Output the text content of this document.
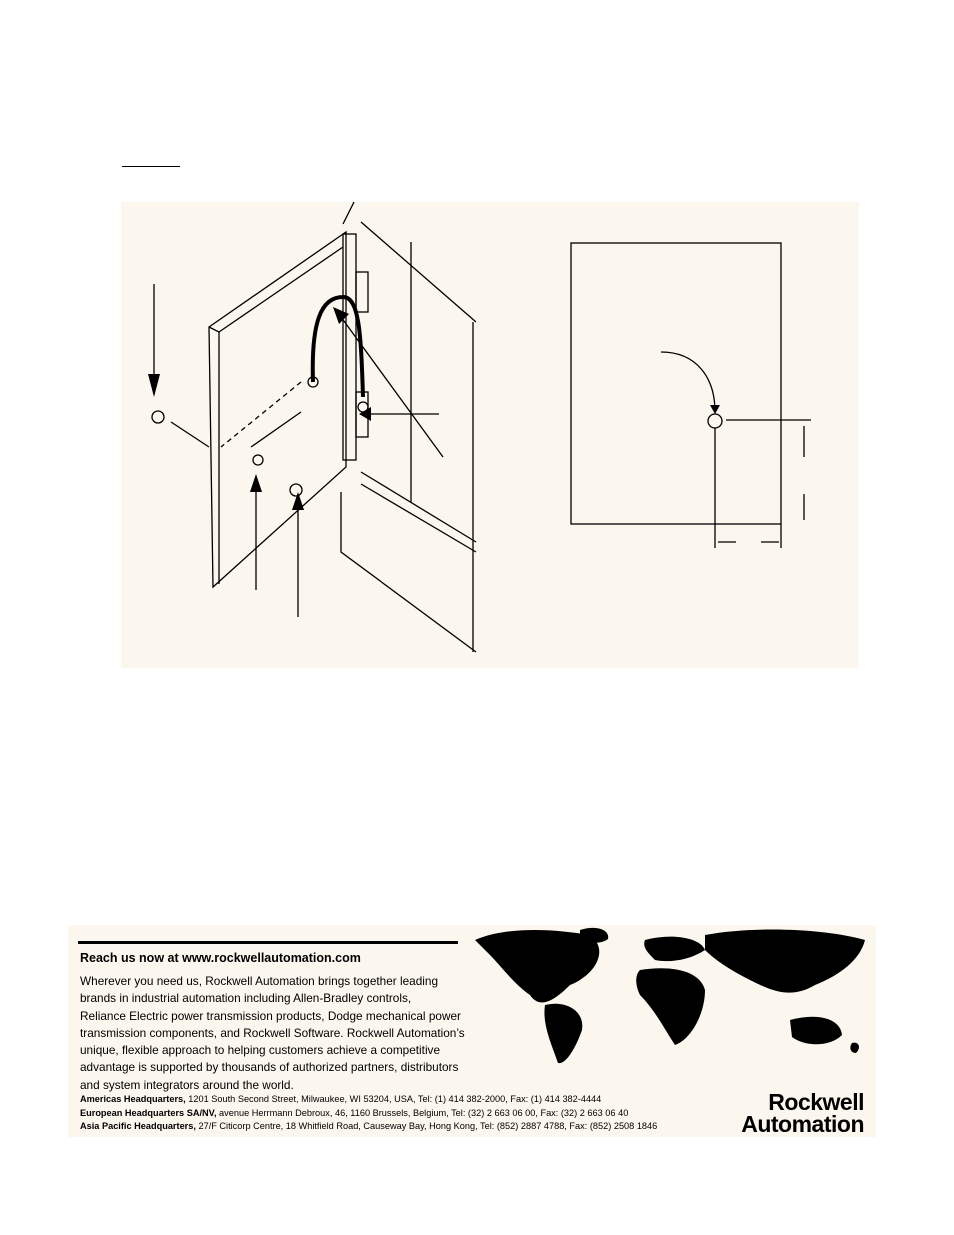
Reach us now at www.rockwellautomation.com
Wherever you need us, Rockwell Automation brings together leading
brands in industrial automation including Allen-Bradley controls,
Reliance Electric power transmission products, Dodge mechanical power
transmission components, and Rockwell Software. Rockwell Automation’s
unique, flexible approach to helping customers achieve a competitive
advantage is supported by thousands of authorized partners, distributors
and system integrators around the world.
Americas Headquarters, 1201 South Second Street, Milwaukee, WI 53204, USA, Tel: (1) 414 382-2000, Fax: (1) 414 382-4444
European Headquarters SA/NV, avenue Herrmann Debroux, 46, 1160 Brussels, Belgium, Tel: (32) 2 663 06 00, Fax: (32) 2 663 06 40
Asia Pacific Headquarters, 27/F Citicorp Centre, 18 Whitfield Road, Causeway Bay, Hong Kong, Tel: (852) 2887 4788, Fax: (852) 2508 1846
Rockwell
Automation
